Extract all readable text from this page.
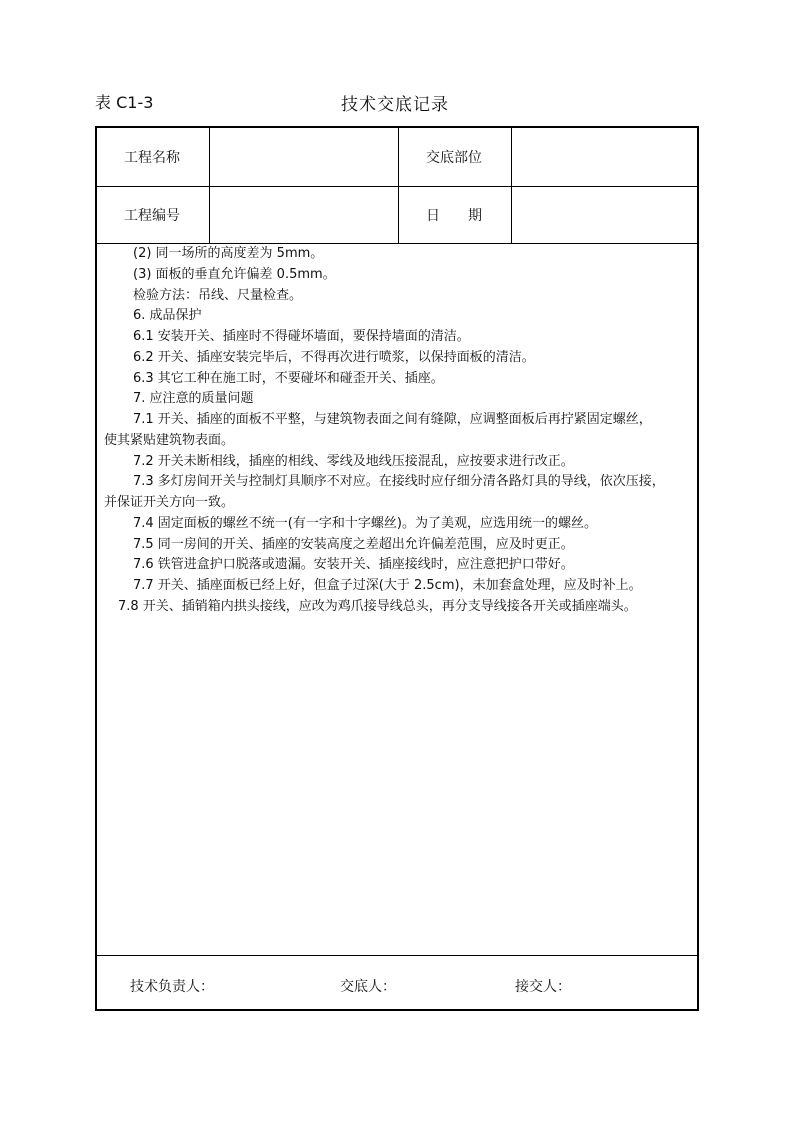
表 C1-3	技术交底记录
工程名称	交底部位
工程编号	日　　期
(2) 同一场所的高度差为 5mm。
(3) 面板的垂直允许偏差 0.5mm。
检验方法：吊线、尺量检查。
6. 成品保护
6.1 安装开关、插座时不得碰坏墙面，要保持墙面的清洁。
6.2 开关、插座安装完毕后，不得再次进行喷浆，以保持面板的清洁。
6.3 其它工种在施工时，不要碰坏和碰歪开关、插座。
7. 应注意的质量问题
7.1 开关、插座的面板不平整，与建筑物表面之间有缝隙，应调整面板后再拧紧固定螺丝，
使其紧贴建筑物表面。
7.2 开关未断相线，插座的相线、零线及地线压接混乱，应按要求进行改正。
7.3 多灯房间开关与控制灯具顺序不对应。在接线时应仔细分清各路灯具的导线，依次压接，
并保证开关方向一致。
7.4 固定面板的螺丝不统一(有一字和十字螺丝)。为了美观，应选用统一的螺丝。
7.5 同一房间的开关、插座的安装高度之差超出允许偏差范围，应及时更正。
7.6 铁管进盒护口脱落或遗漏。安装开关、插座接线时，应注意把护口带好。
7.7 开关、插座面板已经上好，但盒子过深(大于 2.5cm)，未加套盒处理，应及时补上。
7.8 开关、插销箱内拱头接线，应改为鸡爪接导线总头，再分支导线接各开关或插座端头。
技术负责人：	交底人：	接交人：
